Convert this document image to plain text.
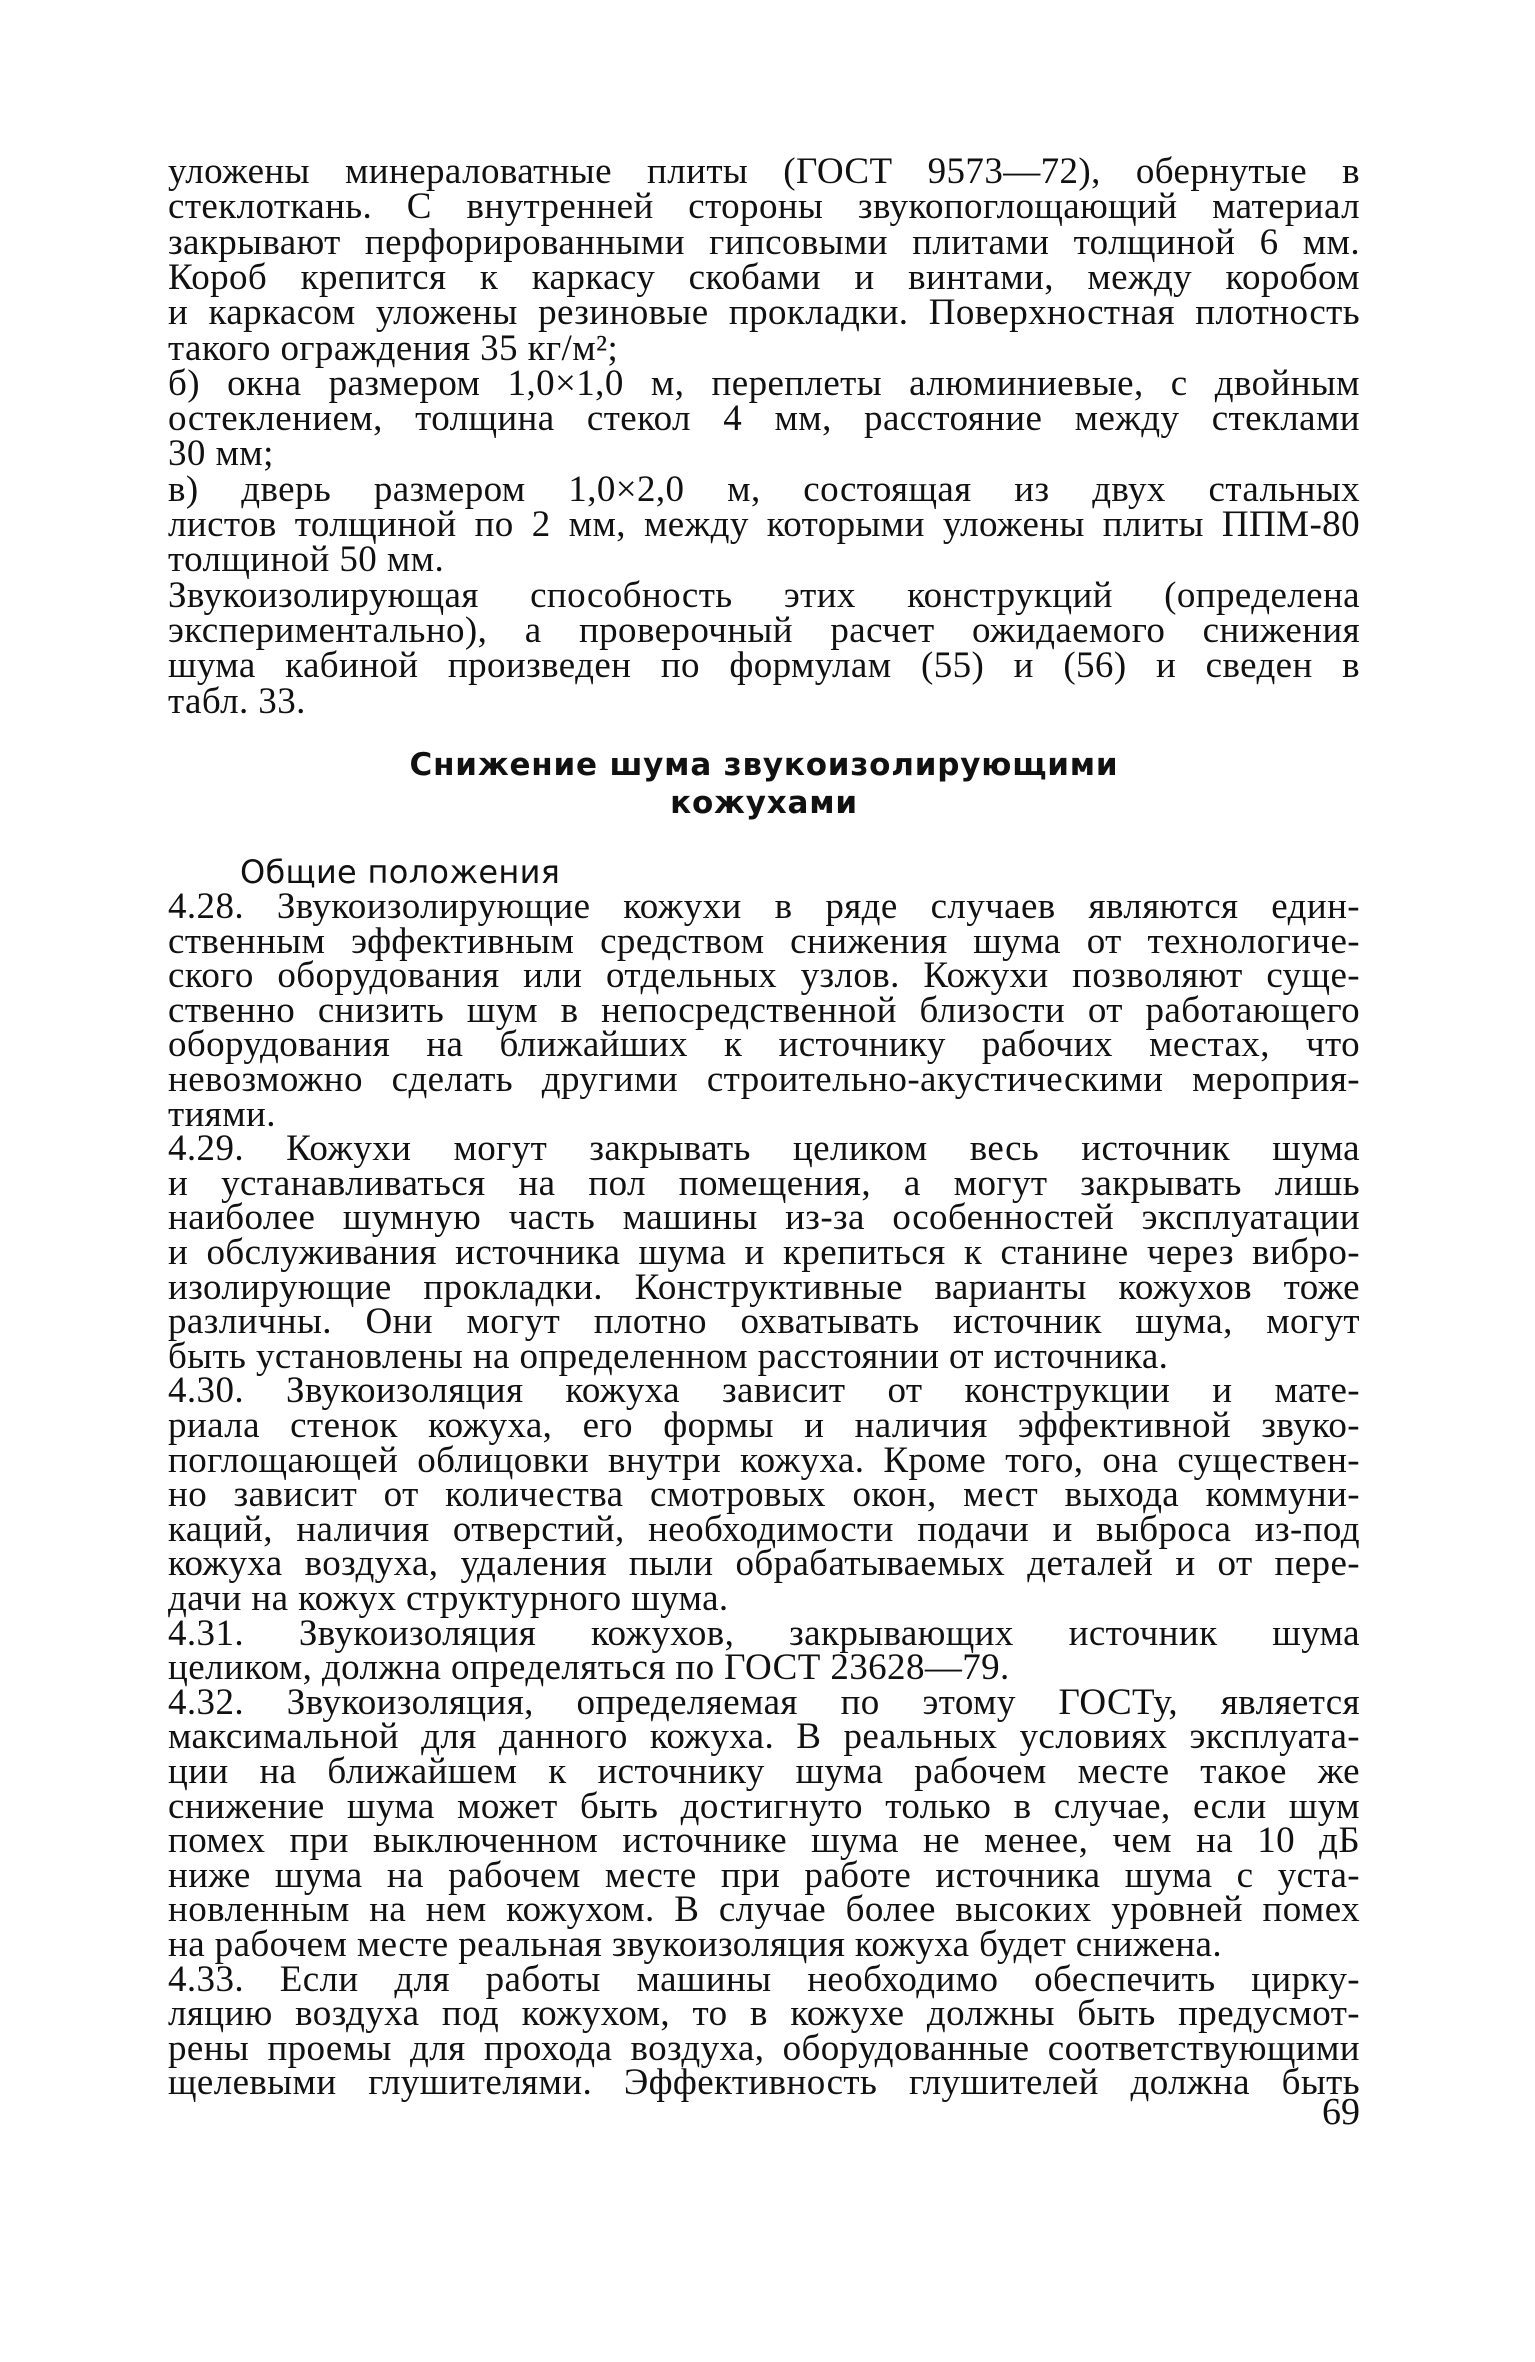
уложены минераловатные плиты (ГОСТ 9573—72), обернутые в
стеклоткань. С внутренней стороны звукопоглощающий материал
закрывают перфорированными гипсовыми плитами толщиной 6 мм.
Короб крепится к каркасу скобами и винтами, между коробом
и каркасом уложены резиновые прокладки. Поверхностная плотность
такого ограждения 35 кг/м²;
б) окна размером 1,0×1,0 м, переплеты алюминиевые, с двойным
остеклением, толщина стекол 4 мм, расстояние между стеклами
30 мм;
в) дверь размером 1,0×2,0 м, состоящая из двух стальных
листов толщиной по 2 мм, между которыми уложены плиты ППМ-80
толщиной 50 мм.
Звукоизолирующая способность этих конструкций (определена
экспериментально), а проверочный расчет ожидаемого снижения
шума кабиной произведен по формулам (55) и (56) и сведен в
табл. 33.
Снижение шума звукоизолирующими
кожухами
Общие положения
4.28. Звукоизолирующие кожухи в ряде случаев являются един-
ственным эффективным средством снижения шума от технологиче-
ского оборудования или отдельных узлов. Кожухи позволяют суще-
ственно снизить шум в непосредственной близости от работающего
оборудования на ближайших к источнику рабочих местах, что
невозможно сделать другими строительно-акустическими мероприя-
тиями.
4.29. Кожухи могут закрывать целиком весь источник шума
и устанавливаться на пол помещения, а могут закрывать лишь
наиболее шумную часть машины из-за особенностей эксплуатации
и обслуживания источника шума и крепиться к станине через вибро-
изолирующие прокладки. Конструктивные варианты кожухов тоже
различны. Они могут плотно охватывать источник шума, могут
быть установлены на определенном расстоянии от источника.
4.30. Звукоизоляция кожуха зависит от конструкции и мате-
риала стенок кожуха, его формы и наличия эффективной звуко-
поглощающей облицовки внутри кожуха. Кроме того, она существен-
но зависит от количества смотровых окон, мест выхода коммуни-
каций, наличия отверстий, необходимости подачи и выброса из-под
кожуха воздуха, удаления пыли обрабатываемых деталей и от пере-
дачи на кожух структурного шума.
4.31. Звукоизоляция кожухов, закрывающих источник шума
целиком, должна определяться по ГОСТ 23628—79.
4.32. Звукоизоляция, определяемая по этому ГОСТу, является
максимальной для данного кожуха. В реальных условиях эксплуата-
ции на ближайшем к источнику шума рабочем месте такое же
снижение шума может быть достигнуто только в случае, если шум
помех при выключенном источнике шума не менее, чем на 10 дБ
ниже шума на рабочем месте при работе источника шума с уста-
новленным на нем кожухом. В случае более высоких уровней помех
на рабочем месте реальная звукоизоляция кожуха будет снижена.
4.33. Если для работы машины необходимо обеспечить цирку-
ляцию воздуха под кожухом, то в кожухе должны быть предусмот-
рены проемы для прохода воздуха, оборудованные соответствующими
щелевыми глушителями. Эффективность глушителей должна быть
69
